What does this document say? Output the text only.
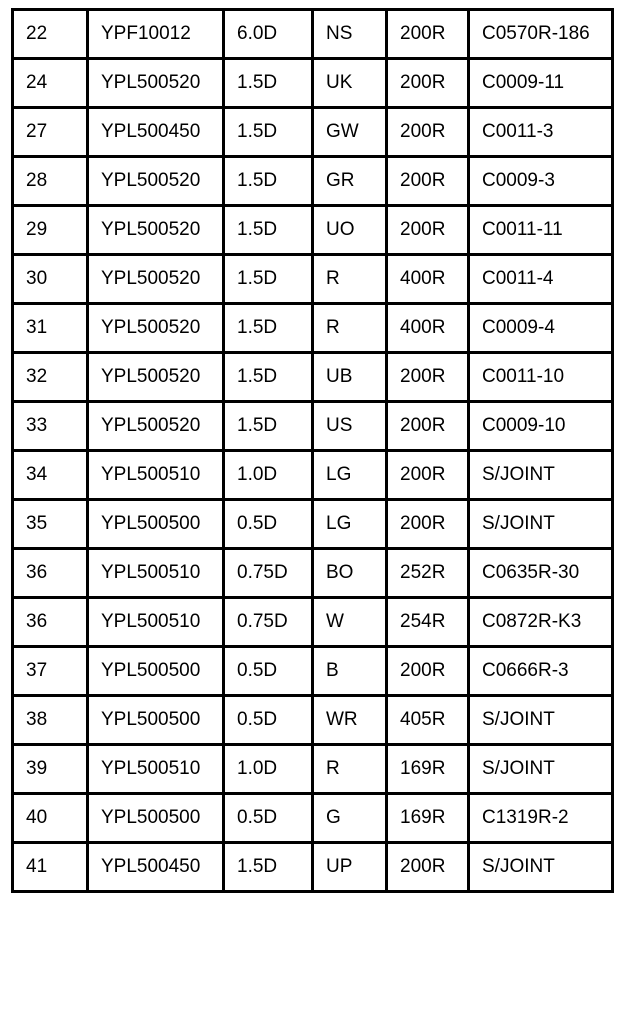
22	YPF10012	6.0D	NS	200R	C0570R-186
24	YPL500520	1.5D	UK	200R	C0009-11
27	YPL500450	1.5D	GW	200R	C0011-3
28	YPL500520	1.5D	GR	200R	C0009-3
29	YPL500520	1.5D	UO	200R	C0011-11
30	YPL500520	1.5D	R	400R	C0011-4
31	YPL500520	1.5D	R	400R	C0009-4
32	YPL500520	1.5D	UB	200R	C0011-10
33	YPL500520	1.5D	US	200R	C0009-10
34	YPL500510	1.0D	LG	200R	S/JOINT
35	YPL500500	0.5D	LG	200R	S/JOINT
36	YPL500510	0.75D	BO	252R	C0635R-30
36	YPL500510	0.75D	W	254R	C0872R-K3
37	YPL500500	0.5D	B	200R	C0666R-3
38	YPL500500	0.5D	WR	405R	S/JOINT
39	YPL500510	1.0D	R	169R	S/JOINT
40	YPL500500	0.5D	G	169R	C1319R-2
41	YPL500450	1.5D	UP	200R	S/JOINT
